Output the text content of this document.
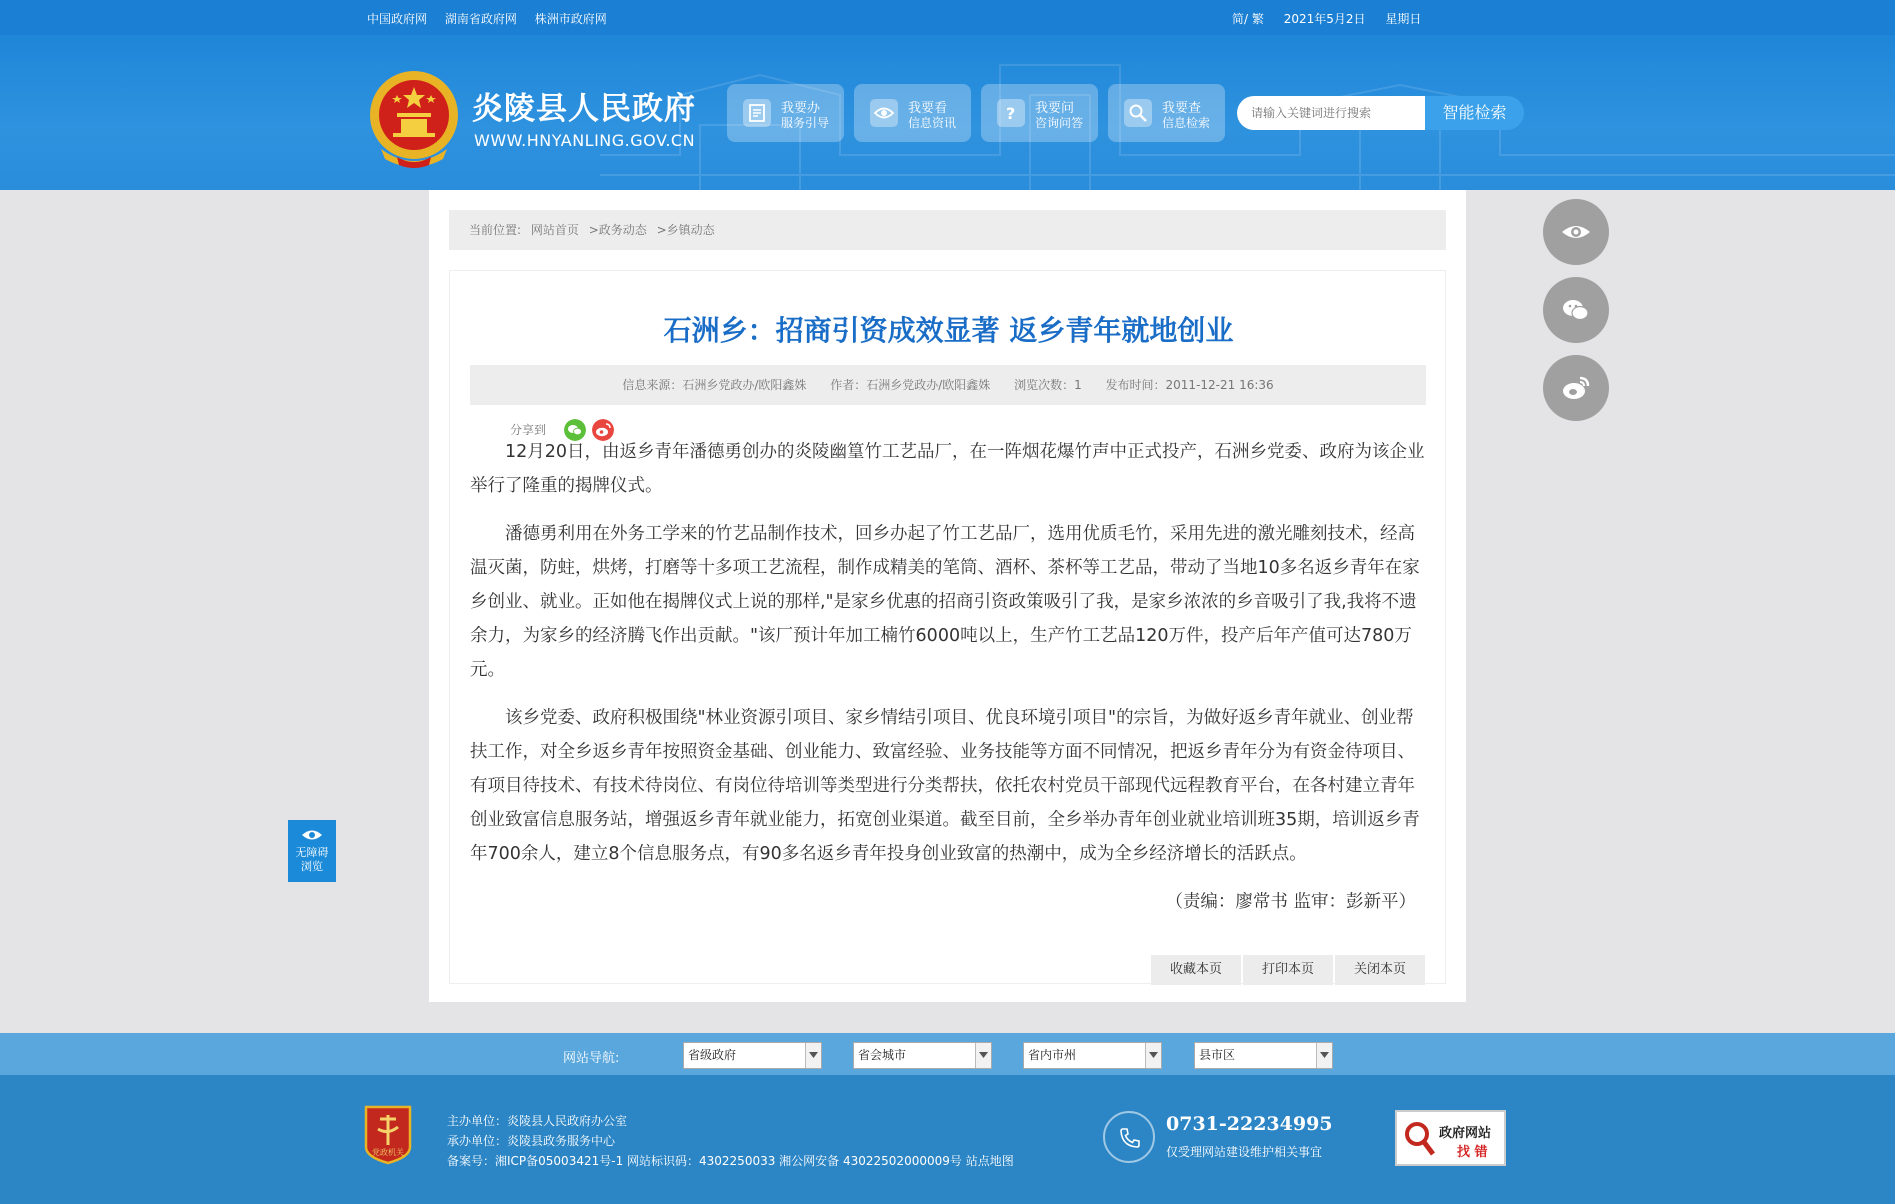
中国政府网 湖南省政府网 株洲市政府网	简/ 繁 2021年5月2日 星期日
炎陵县人民政府
WWW.HNYANLING.GOV.CN
我要办
服务引导
我要看
信息资讯	? 我要问
咨询问答
我要查
信息检索
请输入关键词进行搜索
智能检索
当前位置: 网站首页 >政务动态 >乡镇动态
石洲乡：招商引资成效显著 返乡青年就地创业
信息来源：石洲乡党政办/欧阳鑫姝 作者：石洲乡党政办/欧阳鑫姝 浏览次数：1 发布时间：2011-12-21 16:36
分享到

12月20日，由返乡青年潘德勇创办的炎陵幽篁竹工艺品厂，在一阵烟花爆竹声中正式投产，石洲乡党委、政府为该企业举行了隆重的揭牌仪式。

潘德勇利用在外务工学来的竹艺品制作技术，回乡办起了竹工艺品厂，选用优质毛竹，采用先进的激光雕刻技术，经高温灭菌，防蛀，烘烤，打磨等十多项工艺流程，制作成精美的笔筒、酒杯、茶杯等工艺品，带动了当地10多名返乡青年在家乡创业、就业。正如他在揭牌仪式上说的那样,"是家乡优惠的招商引资政策吸引了我，是家乡浓浓的乡音吸引了我,我将不遗余力，为家乡的经济腾飞作出贡献。"该厂预计年加工楠竹6000吨以上，生产竹工艺品120万件，投产后年产值可达780万元。

该乡党委、政府积极围绕"林业资源引项目、家乡情结引项目、优良环境引项目"的宗旨，为做好返乡青年就业、创业帮扶工作，对全乡返乡青年按照资金基础、创业能力、致富经验、业务技能等方面不同情况，把返乡青年分为有资金待项目、有项目待技术、有技术待岗位、有岗位待培训等类型进行分类帮扶，依托农村党员干部现代远程教育平台，在各村建立青年创业致富信息服务站，增强返乡青年就业能力，拓宽创业渠道。截至目前，全乡举办青年创业就业培训班35期，培训返乡青年700余人，建立8个信息服务点，有90多名返乡青年投身创业致富的热潮中，成为全乡经济增长的活跃点。

（责编：廖常书 监审：彭新平）

收藏本页	打印本页	关闭本页
无障碍
浏览
网站导航:	省级政府	省会城市	省内市州	县市区
党政机关
主办单位：炎陵县人民政府办公室
承办单位：炎陵县政务服务中心
备案号：湘ICP备05003421号-1 网站标识码：4302250033 湘公网安备 43022502000009号 站点地图
0731-22234995
仅受理网站建设维护相关事宜
政府网站
找 错
